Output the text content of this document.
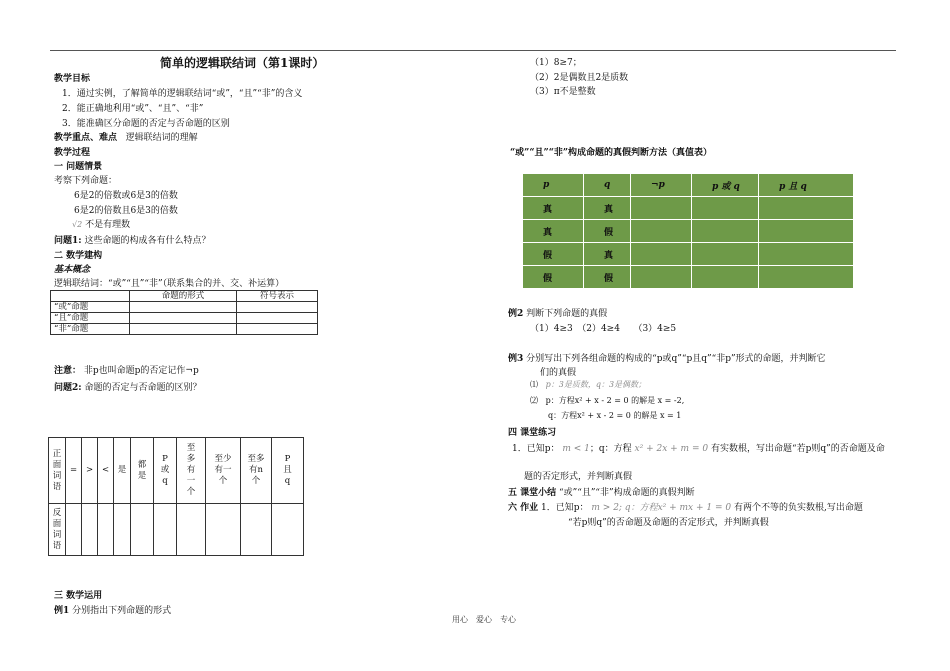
简单的逻辑联结词（第1课时）
教学目标
1．通过实例，了解简单的逻辑联结词“或”，“且”“非”的含义
2．能正确地利用“或”、“且”、“非”
3．能准确区分命题的否定与否命题的区别
教学重点、难点 逻辑联结词的理解
教学过程
一 问题情景
考察下列命题：
6是2的倍数或6是3的倍数
6是2的倍数且6是3的倍数
√2 不是有理数
问题1: 这些命题的构成各有什么特点？
二 数学建构
基本概念
逻辑联结词：“或”“且”“非”（联系集合的并、交、补运算）
	命题的形式	符号表示
“或”命题		
“且”命题		
“非”命题		
注意： 非p也叫命题p的否定记作¬p
问题2: 命题的否定与否命题的区别？
正面词语	=	>	<	是	都是	P或q	至多有一个	至少有一个	至多有n个	P且q

反面词语										

三 数学运用
例1 分别指出下列命题的形式
（1）8≥7；
（2）2是偶数且2是质数
（3）π不是整数
“或”“且”“非”构成命题的真假判断方法（真值表）
p	q	¬p	p 或 q	p 且 q
真	真			
真	假			
假	真			
假	假			
例2 判断下列命题的真假
（1）4≥3　（2）4≥4　　（3）4≥5
例3 分别写出下列各组命题的构成的“p或q”“p且q”“非p”形式的命题，并判断它
们的真假
⑴ p：3是质数，q：3是偶数；
⑵ p：方程x² + x - 2 = 0 的解是 x = -2,
q：方程x² + x - 2 = 0 的解是 x = 1
四 课堂练习
1．已知p： m < 1；q：方程 x² + 2x + m = 0 有实数根，写出命题“若p则q”的否命题及命
题的否定形式，并判断真假
五 课堂小结 “或”“且”“非”构成命题的真假判断
六 作业 1．已知p： m > 2; q：方程x² + mx + 1 = 0 有两个不等的负实数根,写出命题
“若p则q”的否命题及命题的否定形式，并判断真假
用心　爱心　专心
